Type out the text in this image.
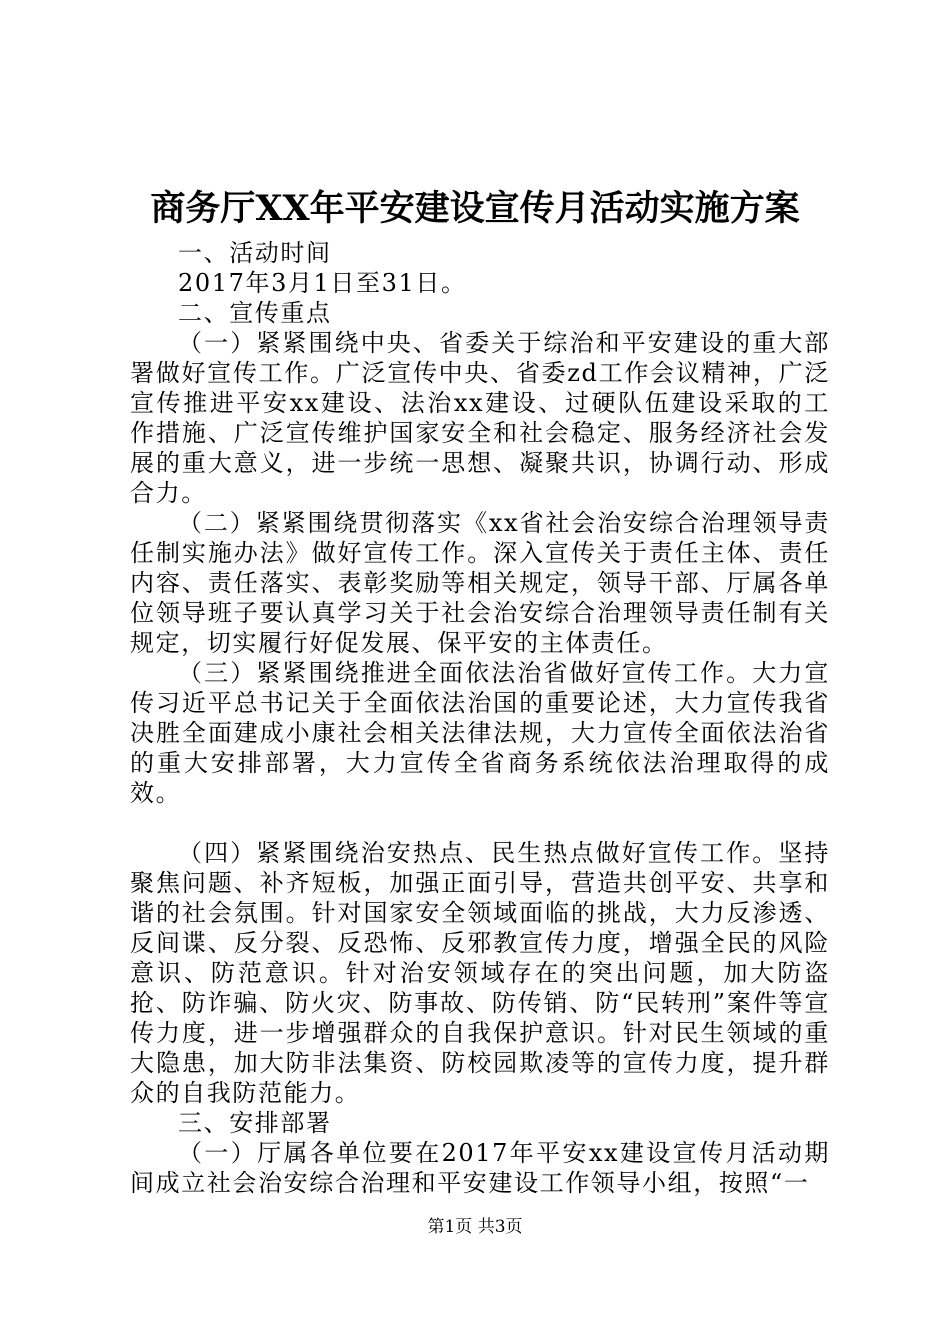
商务厅XX年平安建设宣传月活动实施方案

一、活动时间

2017年3月1日至31日。

二、宣传重点

（一）紧紧围绕中央、省委关于综治和平安建设的重大部署做好宣传工作。广泛宣传中央、省委zd工作会议精神，广泛宣传推进平安xx建设、法治xx建设、过硬队伍建设采取的工作措施、广泛宣传维护国家安全和社会稳定、服务经济社会发展的重大意义，进一步统一思想、凝聚共识，协调行动、形成合力。

（二）紧紧围绕贯彻落实《xx省社会治安综合治理领导责任制实施办法》做好宣传工作。深入宣传关于责任主体、责任内容、责任落实、表彰奖励等相关规定，领导干部、厅属各单位领导班子要认真学习关于社会治安综合治理领导责任制有关规定，切实履行好促发展、保平安的主体责任。

（三）紧紧围绕推进全面依法治省做好宣传工作。大力宣传习近平总书记关于全面依法治国的重要论述，大力宣传我省决胜全面建成小康社会相关法律法规，大力宣传全面依法治省的重大安排部署，大力宣传全省商务系统依法治理取得的成效。

（四）紧紧围绕治安热点、民生热点做好宣传工作。坚持聚焦问题、补齐短板，加强正面引导，营造共创平安、共享和谐的社会氛围。针对国家安全领域面临的挑战，大力反渗透、反间谍、反分裂、反恐怖、反邪教宣传力度，增强全民的风险意识、防范意识。针对治安领域存在的突出问题，加大防盗抢、防诈骗、防火灾、防事故、防传销、防“民转刑”案件等宣传力度，进一步增强群众的自我保护意识。针对民生领域的重大隐患，加大防非法集资、防校园欺凌等的宣传力度，提升群众的自我防范能力。

三、安排部署

（一）厅属各单位要在2017年平安xx建设宣传月活动期间成立社会治安综合治理和平安建设工作领导小组，按照“一

第1页 共3页
